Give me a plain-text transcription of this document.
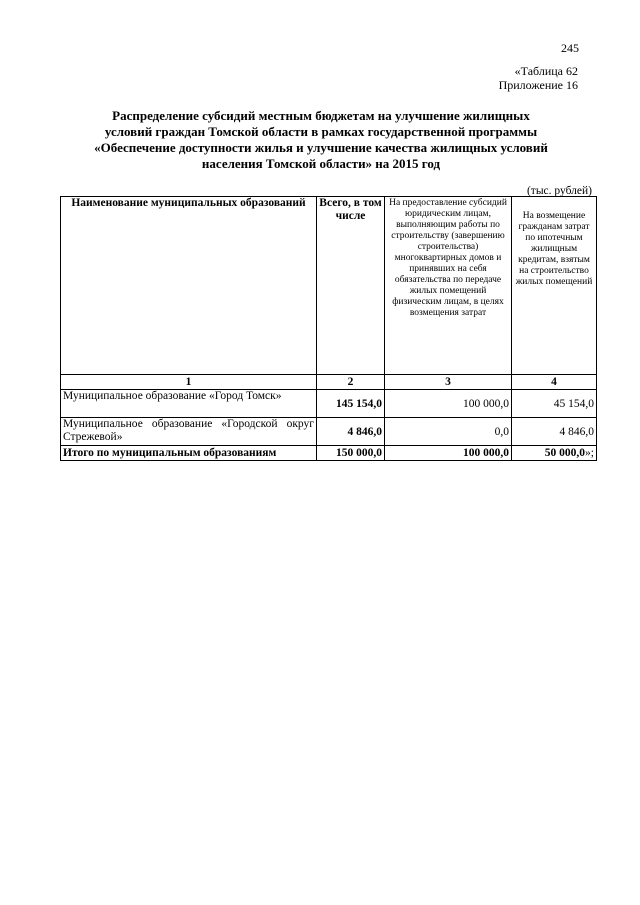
245
«Таблица 62
Приложение 16
Распределение субсидий местным бюджетам на улучшение жилищных
условий граждан Томской области в рамках государственной программы
«Обеспечение доступности жилья и улучшение качества жилищных условий
населения Томской области» на 2015 год
(тыс. рублей)
Наименование муниципальных образований	Всего, в том числе	На предоставление субсидий юридическим лицам, выполняющим работы по строительству (завершению строительства) многоквартирных домов и принявших на себя обязательства по передаче жилых помещений физическим лицам, в целях возмещения затрат	На возмещение гражданам затрат по ипотечным жилищным кредитам, взятым на строительство жилых помещений
1	2	3	4
Муниципальное образование «Город Томск»	145 154,0	100 000,0	45 154,0
Муниципальное образование «Городской округ Стрежевой»	4 846,0	0,0	4 846,0
Итого по муниципальным образованиям	150 000,0	100 000,0	50 000,0»;
